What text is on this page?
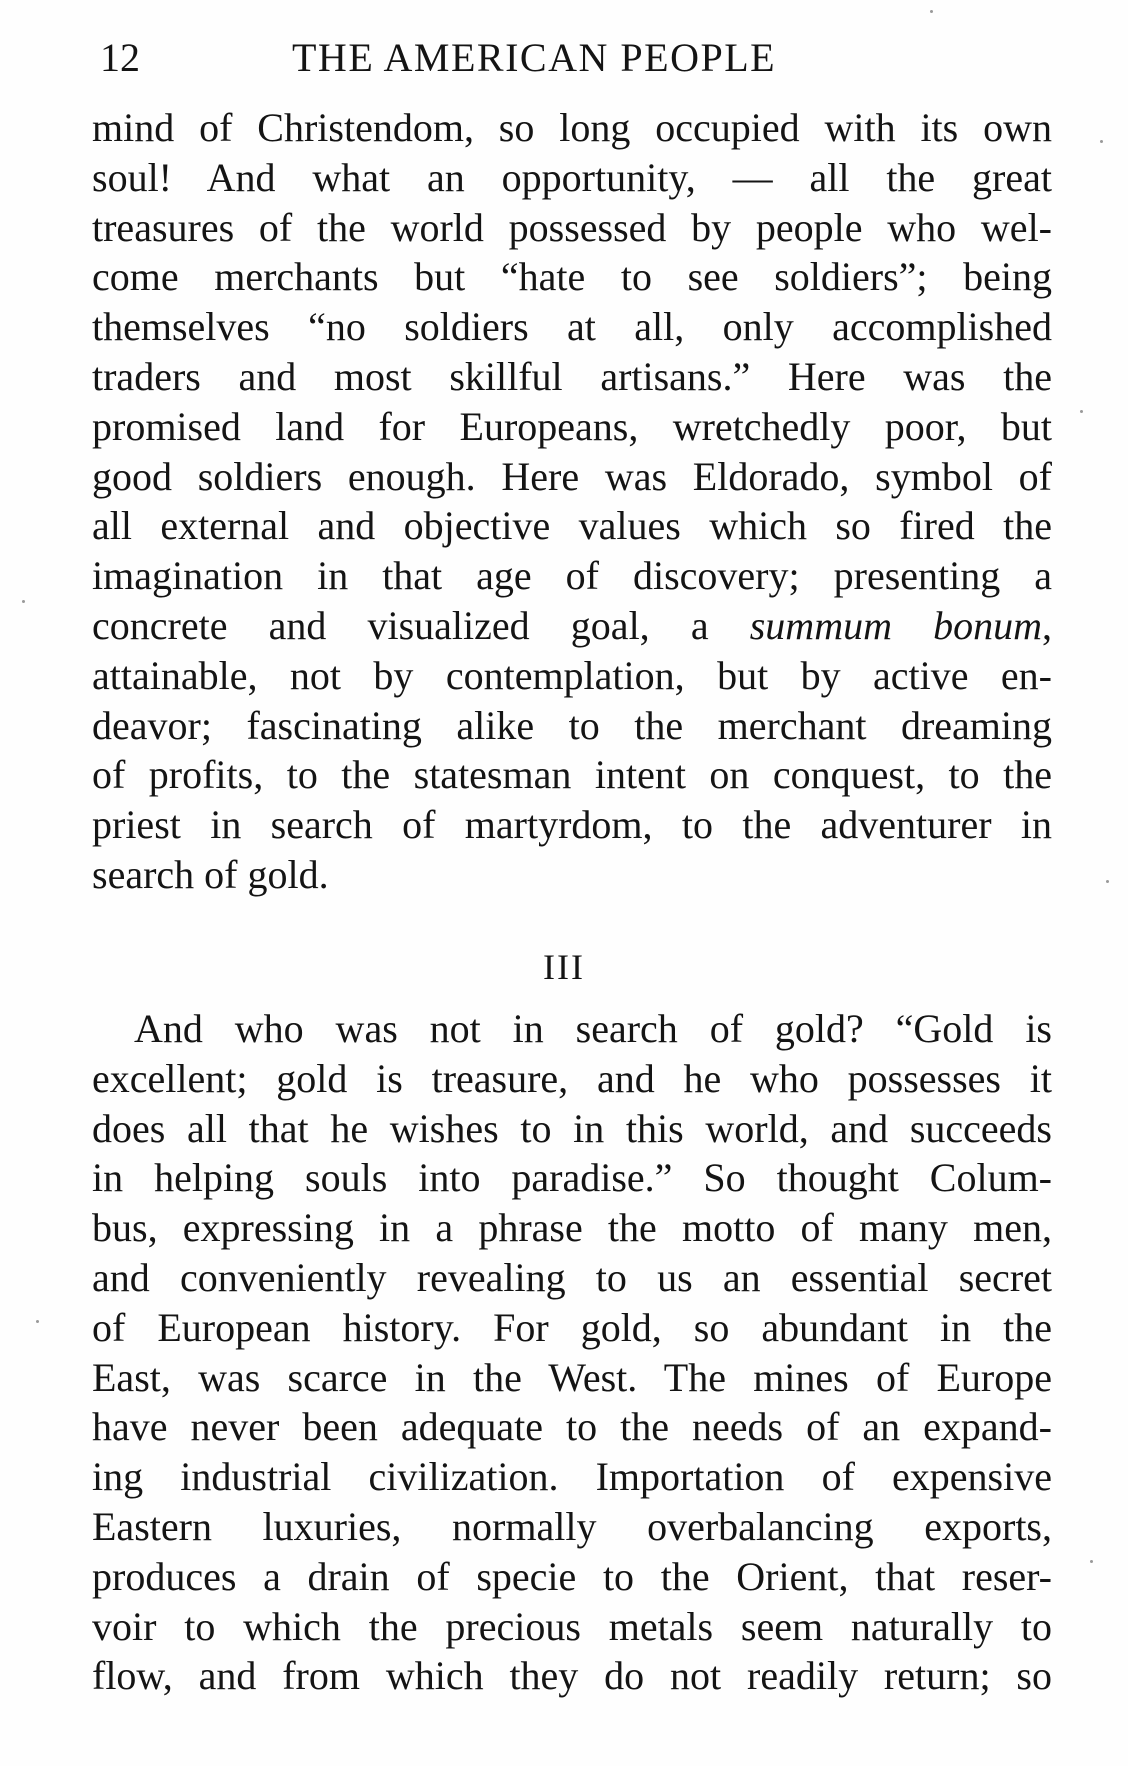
12	THE AMERICAN PEOPLE
mind of Christendom, so long occupied with its own
soul! And what an opportunity, — all the great
treasures of the world possessed by people who wel-
come merchants but “hate to see soldiers”; being
themselves “no soldiers at all, only accomplished
traders and most skillful artisans.” Here was the
promised land for Europeans, wretchedly poor, but
good soldiers enough. Here was Eldorado, symbol of
all external and objective values which so fired the
imagination in that age of discovery; presenting a
concrete and visualized goal, a summum bonum,
attainable, not by contemplation, but by active en-
deavor; fascinating alike to the merchant dreaming
of profits, to the statesman intent on conquest, to the
priest in search of martyrdom, to the adventurer in
search of gold.
III
And who was not in search of gold? “Gold is
excellent; gold is treasure, and he who possesses it
does all that he wishes to in this world, and succeeds
in helping souls into paradise.” So thought Colum-
bus, expressing in a phrase the motto of many men,
and conveniently revealing to us an essential secret
of European history. For gold, so abundant in the
East, was scarce in the West. The mines of Europe
have never been adequate to the needs of an expand-
ing industrial civilization. Importation of expensive
Eastern luxuries, normally overbalancing exports,
produces a drain of specie to the Orient, that reser-
voir to which the precious metals seem naturally to
flow, and from which they do not readily return; so
